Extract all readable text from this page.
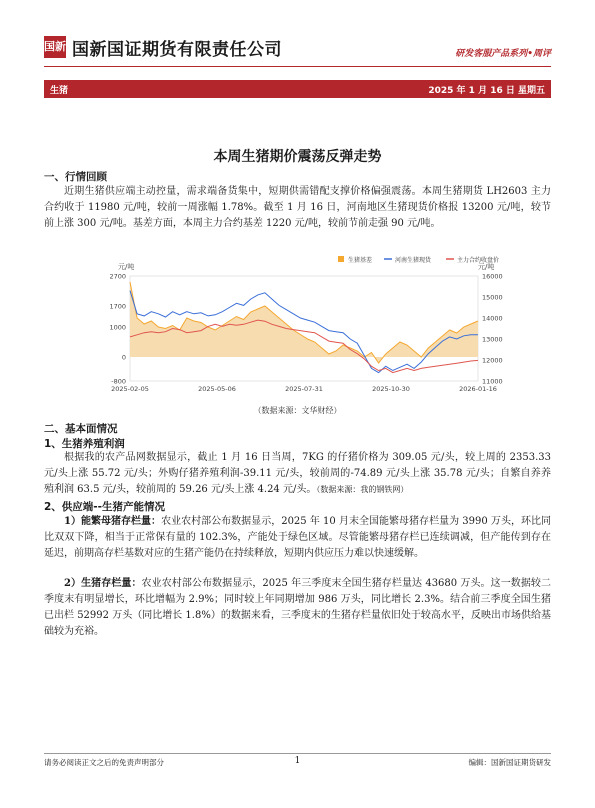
国新 国新国证期货有限责任公司	研发客服产品系列•周评
生猪	2025 年 1 月 16 日 星期五
本周生猪期价震荡反弹走势
一、行情回顾
近期生猪供应端主动控量，需求端备货集中，短期供需错配支撑价格偏强震荡。本周生猪期货 LH2603 主力合约收于 11980 元/吨，较前一周涨幅 1.78%。截至 1 月 16 日，河南地区生猪现货价格报 13200 元/吨，较节前上涨 300 元/吨。基差方面，本周主力合约基差 1220 元/吨，较前节前走强 90 元/吨。
元/吨
生猪基差	河南生猪现货	主力合约收盘价
元/吨
2700
1700
1000
0
-800
16000
15000
14000
13000
12000
11000
2025-02-05	2025-05-06	2025-07-31	2025-10-30	2026-01-16
（数据来源：文华财经）
二、基本面情况
1、生猪养殖利润
根据我的农产品网数据显示，截止 1 月 16 日当周，7KG 的仔猪价格为 309.05 元/头，较上周的 2353.33 元/头上涨 55.72 元/头；外购仔猪养殖利润-39.11 元/头，较前周的-74.89 元/头上涨 35.78 元/头；自繁自养养殖利润 63.5 元/头，较前周的 59.26 元/头上涨 4.24 元/头。（数据来源：我的钢铁网）
2、供应端--生猪产能情况
1）能繁母猪存栏量：农业农村部公布数据显示，2025 年 10 月末全国能繁母猪存栏量为 3990 万头，环比同比双双下降，相当于正常保有量的 102.3%，产能处于绿色区域。尽管能繁母猪存栏已连续调减，但产能传到存在延迟，前期高存栏基数对应的生猪产能仍在持续释放，短期内供应压力难以快速缓解。
2）生猪存栏量：农业农村部公布数据显示，2025 年三季度末全国生猪存栏量达 43680 万头。这一数据较二季度末有明显增长，环比增幅为 2.9%；同时较上年同期增加 986 万头，同比增长 2.3%。结合前三季度全国生猪已出栏 52992 万头（同比增长 1.8%）的数据来看，三季度末的生猪存栏量依旧处于较高水平，反映出市场供给基础较为充裕。
请务必阅读正文之后的免责声明部分	1	编辑：国新国证期货研发
